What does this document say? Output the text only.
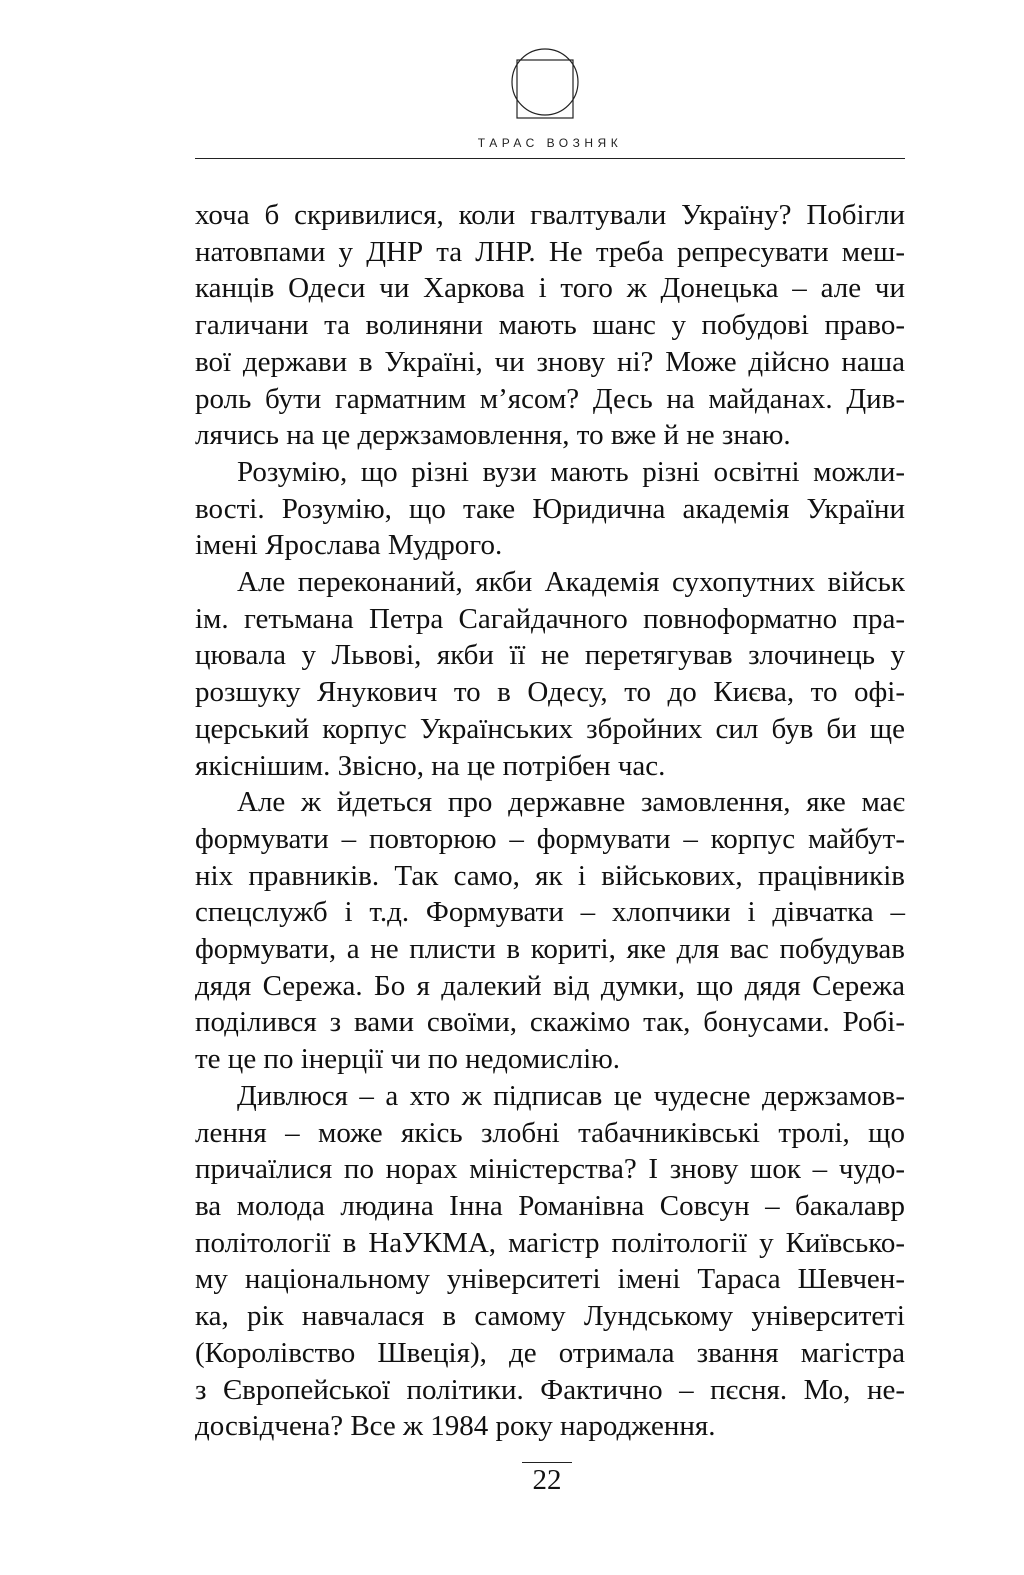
ТАРАС ВОЗНЯК

хоча б скривилися, коли гвалтували Україну? Побігли
натовпами у ДНР та ЛНР. Не треба репресувати меш-
канців Одеси чи Харкова і того ж Донецька – але чи
галичани та волиняни мають шанс у побудові право-
вої держави в Україні, чи знову ні? Може дійсно наша
роль бути гарматним м’ясом? Десь на майданах. Див-
лячись на це держзамовлення, то вже й не знаю.

Розумію, що різні вузи мають різні освітні можли-
вості. Розумію, що таке Юридична академія України
імені Ярослава Мудрого.

Але переконаний, якби Академія сухопутних військ
ім. гетьмана Петра Сагайдачного повноформатно пра-
цювала у Львові, якби її не перетягував злочинець у
розшуку Янукович то в Одесу, то до Києва, то офі-
церський корпус Українських збройних сил був би ще
якіснішим. Звісно, на це потрібен час.

Але ж йдеться про державне замовлення, яке має
формувати – повторюю – формувати – корпус майбут-
ніх правників. Так само, як і військових, працівників
спецслужб і т.д. Формувати – хлопчики і дівчатка –
формувати, а не плисти в кориті, яке для вас побудував
дядя Сережа. Бо я далекий від думки, що дядя Сережа
поділився з вами своїми, скажімо так, бонусами. Робі-
те це по інерції чи по недомислію.

Дивлюся – а хто ж підписав це чудесне держзамов-
лення – може якісь злобні табачниківські тролі, що
причаїлися по норах міністерства? І знову шок – чудо-
ва молода людина Інна Романівна Совсун – бакалавр
політології в НаУКМА, магістр політології у Київсько-
му національному університеті імені Тараса Шевчен-
ка, рік навчалася в самому Лундському університеті
(Королівство Швеція), де отримала звання магістра
з Європейської політики. Фактично – пєсня. Мо, не-
досвідчена? Все ж 1984 року народження.

22
